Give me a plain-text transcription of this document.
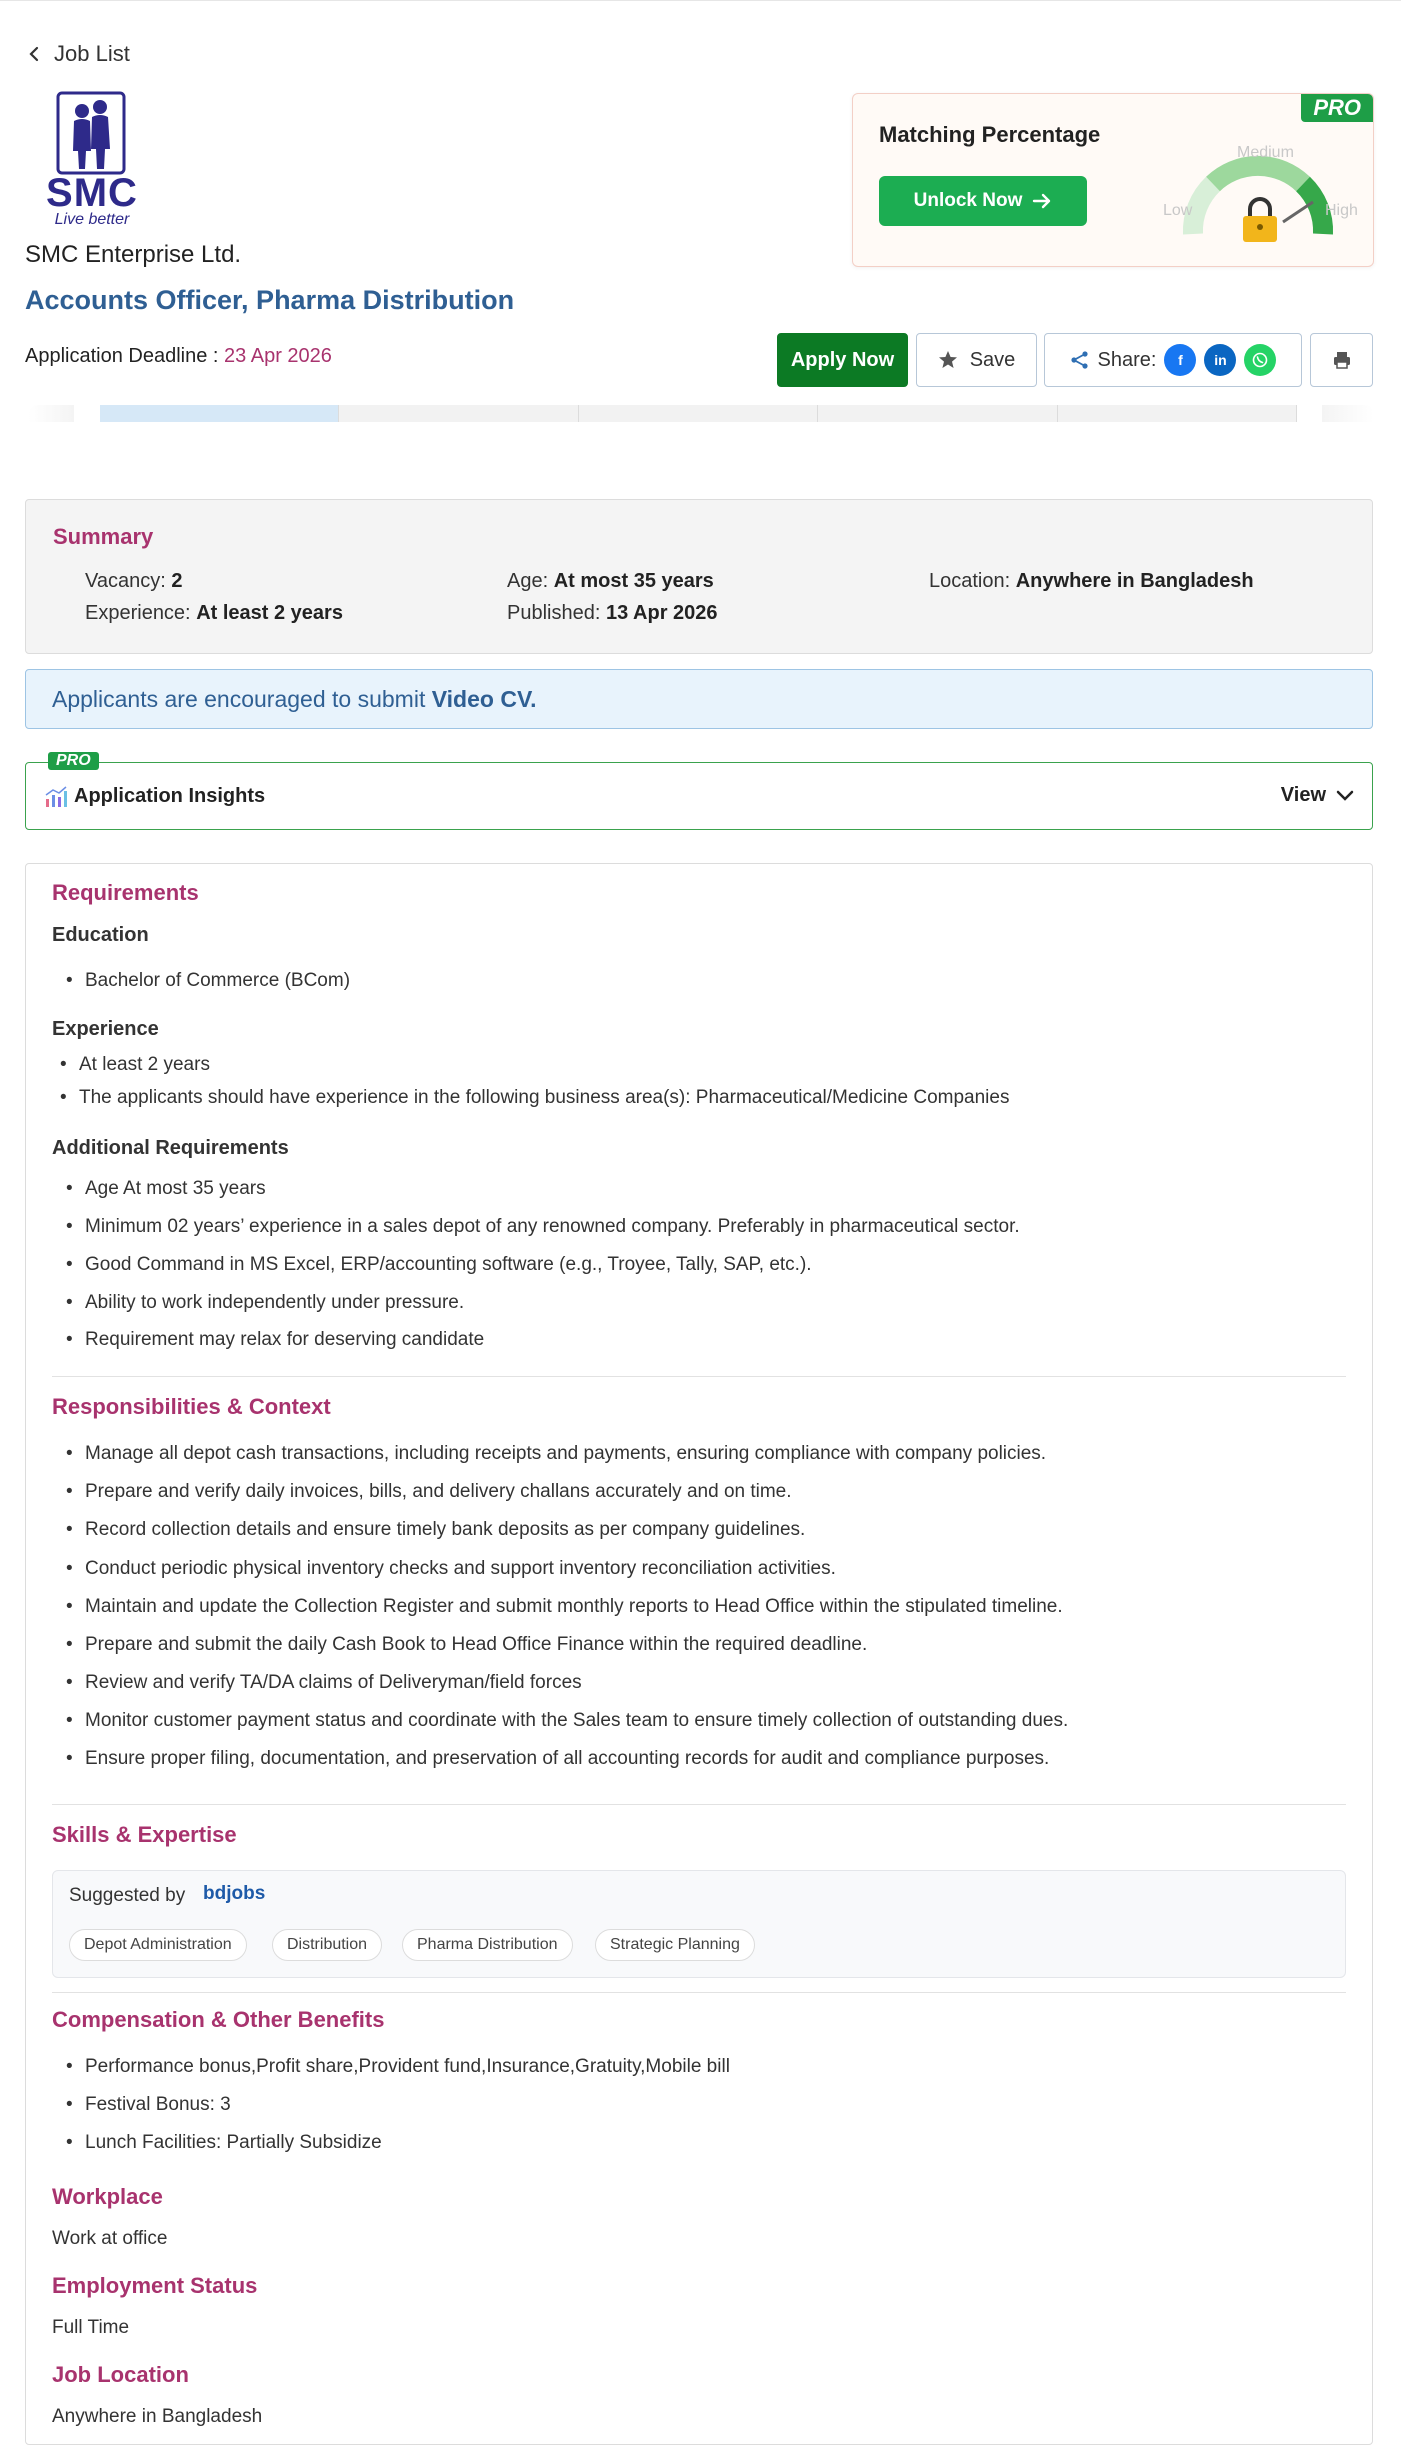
Job List
SMC
Live better
SMC Enterprise Ltd.
Accounts Officer, Pharma Distribution
Application Deadline : 23 Apr 2026
PRO
Matching Percentage
Unlock Now	Low
Medium
High
Apply Now	Save	Share:	f	in
Summary
Vacancy: 2	Age: At most 35 years	Location: Anywhere in Bangladesh
Experience: At least 2 years	Published: 13 Apr 2026
Applicants are encouraged to submit Video CV.
PRO
Application Insights	View
Requirements
Education
• Bachelor of Commerce (BCom)
Experience
• At least 2 years
• The applicants should have experience in the following business area(s): Pharmaceutical/Medicine Companies
Additional Requirements
• Age At most 35 years
• Minimum 02 years’ experience in a sales depot of any renowned company. Preferably in pharmaceutical sector.
• Good Command in MS Excel, ERP/accounting software (e.g., Troyee, Tally, SAP, etc.).
• Ability to work independently under pressure.
• Requirement may relax for deserving candidate
Responsibilities & Context
• Manage all depot cash transactions, including receipts and payments, ensuring compliance with company policies.
• Prepare and verify daily invoices, bills, and delivery challans accurately and on time.
• Record collection details and ensure timely bank deposits as per company guidelines.
• Conduct periodic physical inventory checks and support inventory reconciliation activities.
• Maintain and update the Collection Register and submit monthly reports to Head Office within the stipulated timeline.
• Prepare and submit the daily Cash Book to Head Office Finance within the required deadline.
• Review and verify TA/DA claims of Deliveryman/field forces
• Monitor customer payment status and coordinate with the Sales team to ensure timely collection of outstanding dues.
• Ensure proper filing, documentation, and preservation of all accounting records for audit and compliance purposes.
Skills & Expertise
Suggested by bdjobs
Depot Administration	Distribution	Pharma Distribution	Strategic Planning
Compensation & Other Benefits
• Performance bonus,Profit share,Provident fund,Insurance,Gratuity,Mobile bill
• Festival Bonus: 3
• Lunch Facilities: Partially Subsidize
Workplace
Work at office
Employment Status
Full Time
Job Location
Anywhere in Bangladesh
